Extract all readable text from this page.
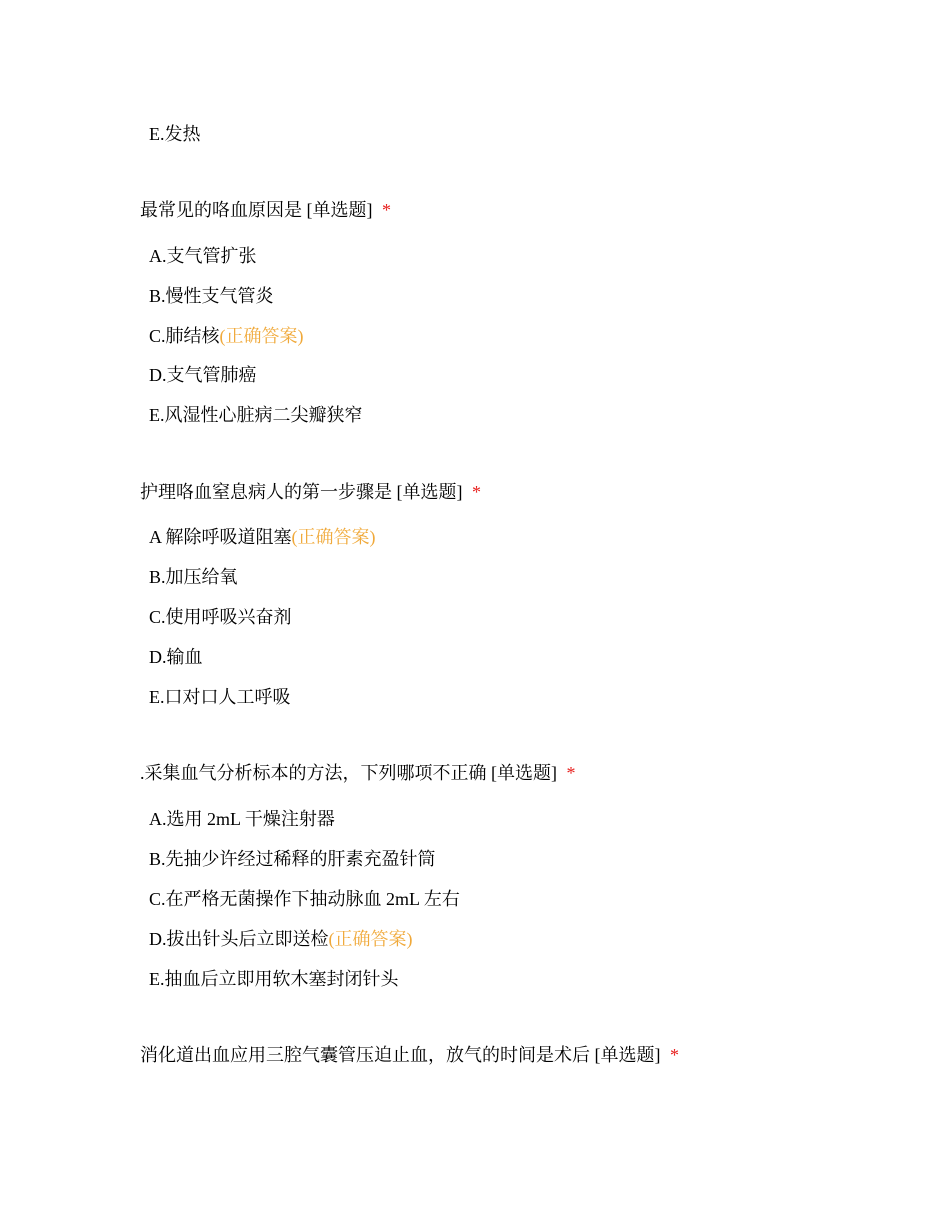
E.发热
最常见的咯血原因是 [单选题] *
A.支气管扩张
B.慢性支气管炎
C.肺结核(正确答案)
D.支气管肺癌
E.风湿性心脏病二尖瓣狭窄
护理咯血窒息病人的第一步骤是 [单选题] *
A 解除呼吸道阻塞(正确答案)
B.加压给氧
C.使用呼吸兴奋剂
D.输血
E.口对口人工呼吸
.采集血气分析标本的方法，下列哪项不正确 [单选题] *
A.选用 2mL 干燥注射器
B.先抽少许经过稀释的肝素充盈针筒
C.在严格无菌操作下抽动脉血 2mL 左右
D.拔出针头后立即送检(正确答案)
E.抽血后立即用软木塞封闭针头
消化道出血应用三腔气囊管压迫止血，放气的时间是术后 [单选题] *
